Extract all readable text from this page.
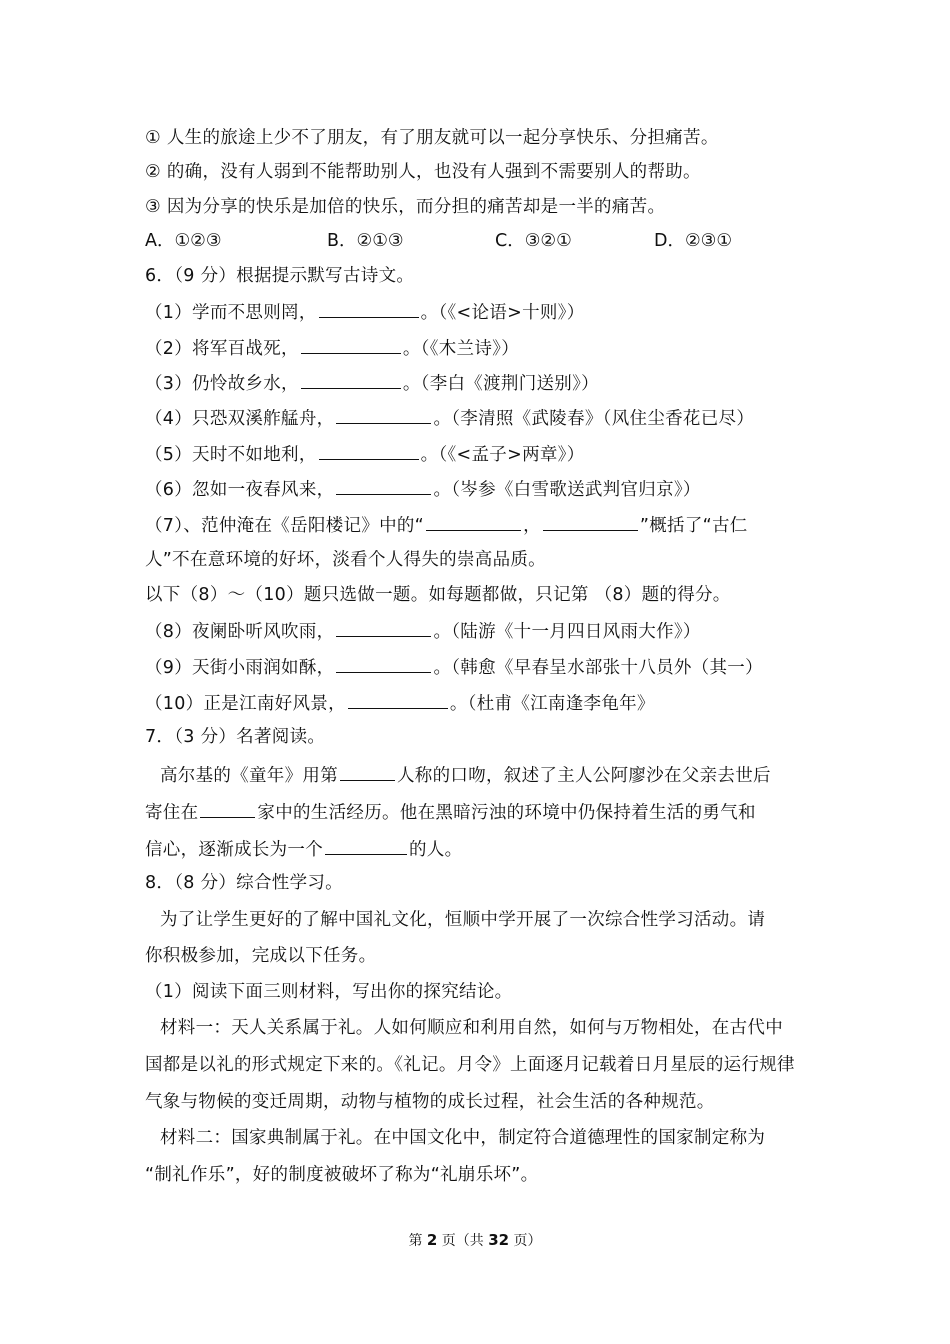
① 人生的旅途上少不了朋友，有了朋友就可以一起分享快乐、分担痛苦。
② 的确，没有人弱到不能帮助别人，也没有人强到不需要别人的帮助。
③ 因为分享的快乐是加倍的快乐，而分担的痛苦却是一半的痛苦。
A．①②③	B．②①③	C．③②①	D．②③①
6．（9 分）根据提示默写古诗文。
（1）学而不思则罔，	。（《<论语>十则》）
（2）将军百战死，	。（《木兰诗》）
（3）仍怜故乡水，	。（李白《渡荆门送别》）
（4）只恐双溪舴艋舟，	。（李清照《武陵春》（风住尘香花已尽）
（5）天时不如地利，	。（《<孟子>两章》）
（6）忽如一夜春风来，	。（岑参《白雪歌送武判官归京》）
（7）、范仲淹在《岳阳楼记》中的“	，	”概括了“古仁
人”不在意环境的好坏，淡看个人得失的崇高品质。
以下（8）～（10）题只选做一题。如每题都做，只记第 （8）题的得分。
（8）夜阑卧听风吹雨，	。（陆游《十一月四日风雨大作》）
（9）天街小雨润如酥，	。（韩愈《早春呈水部张十八员外（其一）
（10）正是江南好风景，	。（杜甫《江南逢李龟年》
7．（3 分）名著阅读。
高尔基的《童年》用第	人称的口吻，叙述了主人公阿廖沙在父亲去世后
寄住在	家中的生活经历。他在黑暗污浊的环境中仍保持着生活的勇气和
信心，逐渐成长为一个	的人。
8．（8 分）综合性学习。
为了让学生更好的了解中国礼文化，恒顺中学开展了一次综合性学习活动。请
你积极参加，完成以下任务。
（1）阅读下面三则材料，写出你的探究结论。
材料一：天人关系属于礼。人如何顺应和利用自然，如何与万物相处，在古代中
国都是以礼的形式规定下来的。《礼记。月令》上面逐月记载着日月星辰的运行规律
气象与物候的变迁周期，动物与植物的成长过程，社会生活的各种规范。
材料二：国家典制属于礼。在中国文化中，制定符合道德理性的国家制定称为
“制礼作乐”，好的制度被破坏了称为“礼崩乐坏”。
第 2 页（共 32 页）
